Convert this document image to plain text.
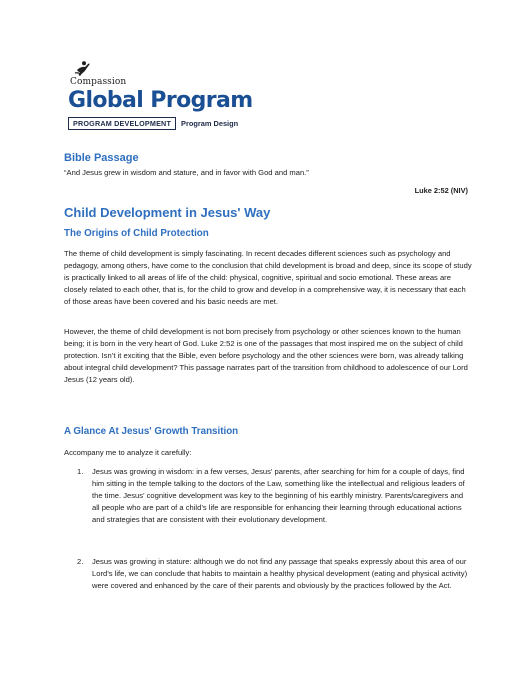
Compassion
Global Program
PROGRAM DEVELOPMENT	Program Design
Bible Passage
“And Jesus grew in wisdom and stature, and in favor with God and man.”
Luke 2:52 (NIV)
Child Development in Jesus' Way
The Origins of Child Protection

The theme of child development is simply fascinating. In recent decades different sciences such as psychology and pedagogy, among others, have come to the conclusion that child development is broad and deep, since its scope of study is practically linked to all areas of life of the child: physical, cognitive, spiritual and socio emotional. These areas are closely related to each other, that is, for the child to grow and develop in a comprehensive way, it is necessary that each of those areas have been covered and his basic needs are met.

However, the theme of child development is not born precisely from psychology or other sciences known to the human being; it is born in the very heart of God. Luke 2:52 is one of the passages that most inspired me on the subject of child protection. Isn’t it exciting that the Bible, even before psychology and the other sciences were born, was already talking about integral child development? This passage narrates part of the transition from childhood to adolescence of our Lord Jesus (12 years old).

A Glance At Jesus' Growth Transition
Accompany me to analyze it carefully:
1. Jesus was growing in wisdom: in a few verses, Jesus' parents, after searching for him for a couple of days, find him sitting in the temple talking to the doctors of the Law, something like the intellectual and religious leaders of the time. Jesus' cognitive development was key to the beginning of his earthly ministry. Parents/caregivers and all people who are part of a child’s life are responsible for enhancing their learning through educational actions and strategies that are consistent with their evolutionary development.
2. Jesus was growing in stature: although we do not find any passage that speaks expressly about this area of our Lord’s life, we can conclude that habits to maintain a healthy physical development (eating and physical activity) were covered and enhanced by the care of their parents and obviously by the practices followed by the Act.
